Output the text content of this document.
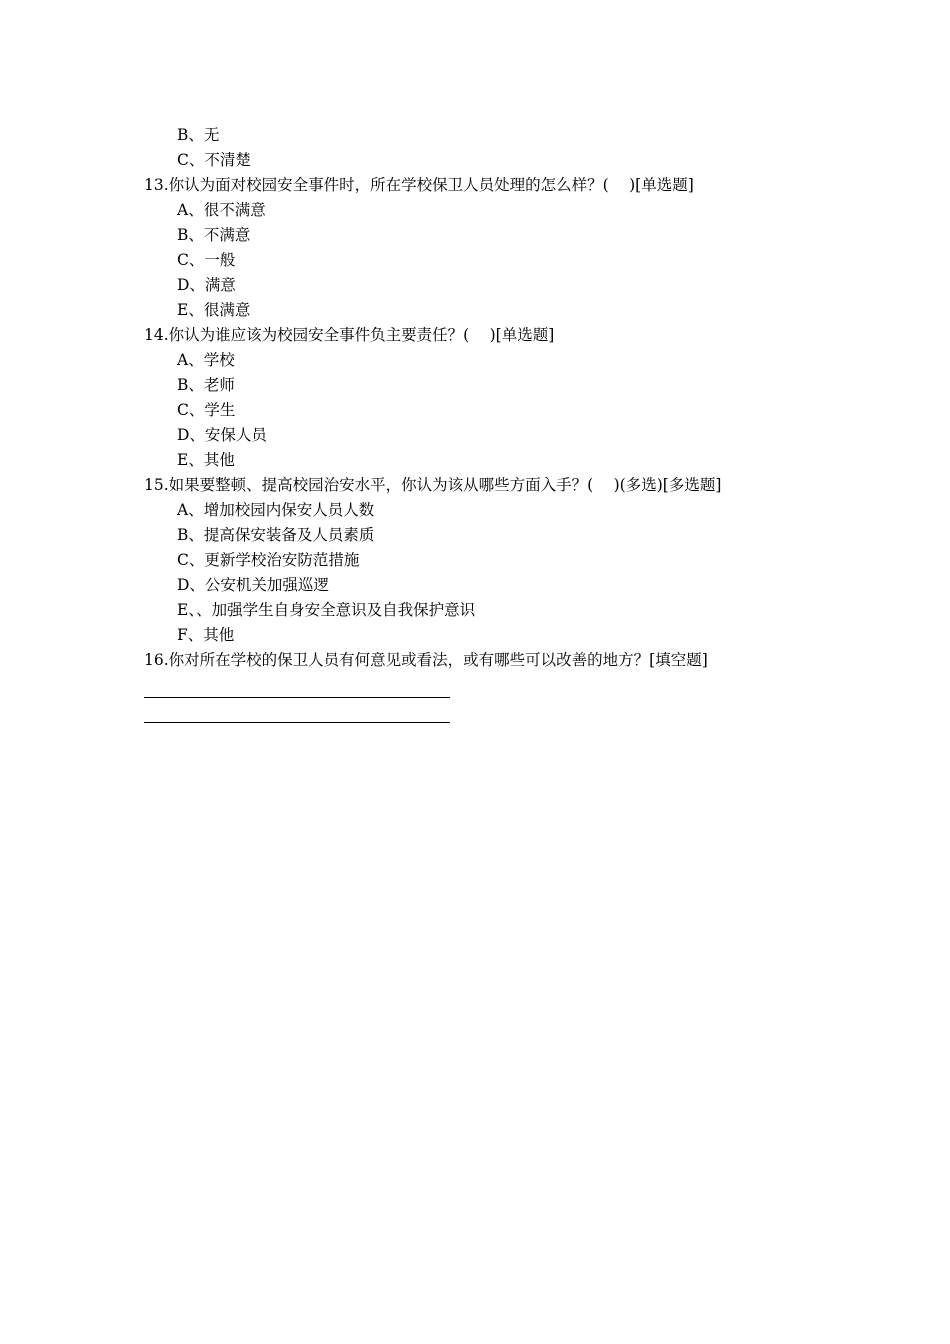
B、无
C、不清楚
13.你认为面对校园安全事件时，所在学校保卫人员处理的怎么样？(　 )[单选题]
A、很不满意
B、不满意
C、一般
D、满意
E、很满意
14.你认为谁应该为校园安全事件负主要责任？(　 )[单选题]
A、学校
B、老师
C、学生
D、安保人员
E、其他
15.如果要整顿、提高校园治安水平，你认为该从哪些方面入手？(　 )(多选)[多选题]
A、增加校园内保安人员人数
B、提高保安装备及人员素质
C、更新学校治安防范措施
D、公安机关加强巡逻
E、、加强学生自身安全意识及自我保护意识
F、其他
16.你对所在学校的保卫人员有何意见或看法，或有哪些可以改善的地方？[填空题]
